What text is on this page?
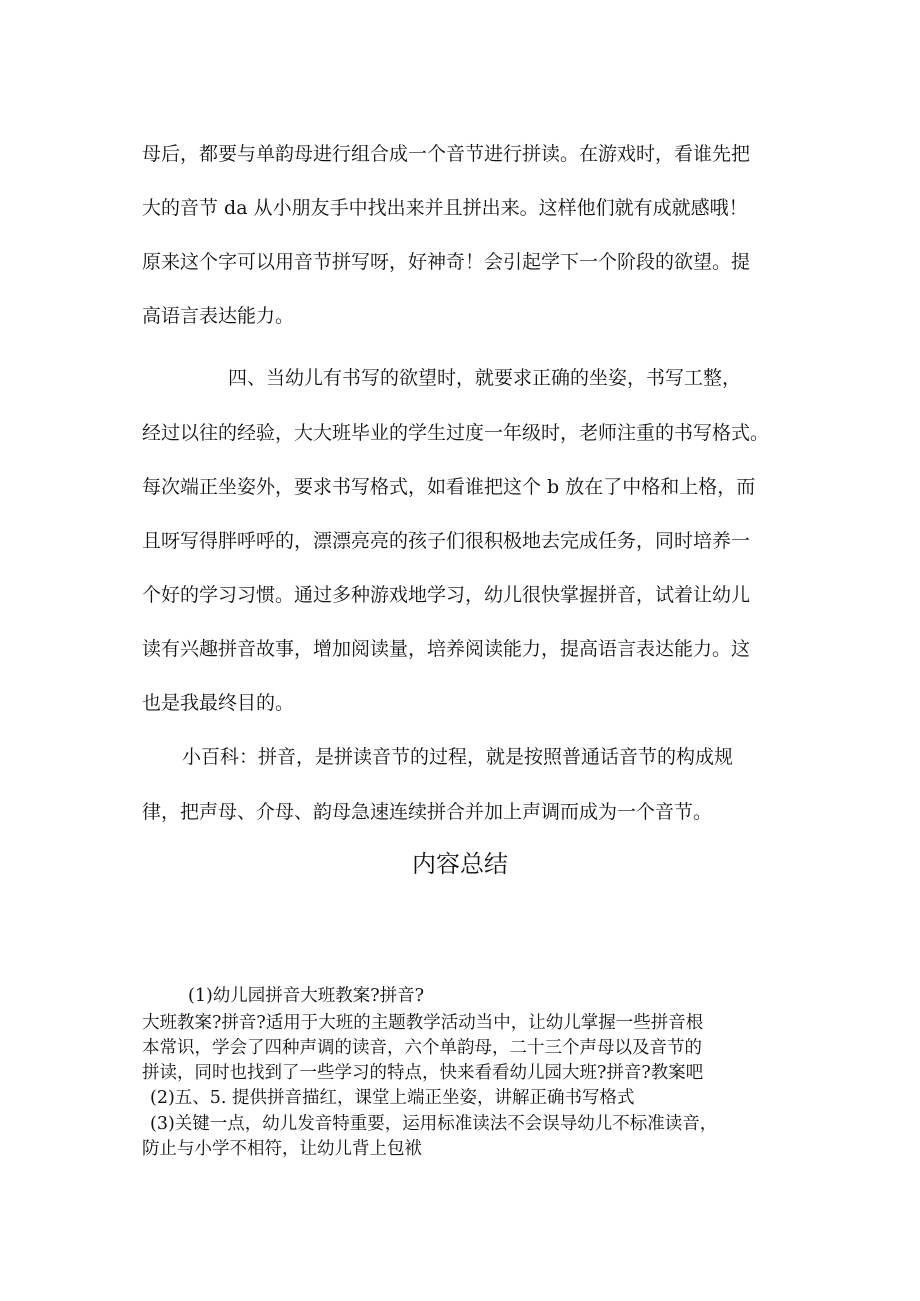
母后，都要与单韵母进行组合成一个音节进行拼读。在游戏时，看谁先把
大的音节 da 从小朋友手中找出来并且拼出来。这样他们就有成就感哦！
原来这个字可以用音节拼写呀，好神奇！会引起学下一个阶段的欲望。提
高语言表达能力。
四、当幼儿有书写的欲望时，就要求正确的坐姿，书写工整，
经过以往的经验，大大班毕业的学生过度一年级时，老师注重的书写格式。
每次端正坐姿外，要求书写格式，如看谁把这个 b 放在了中格和上格，而
且呀写得胖呼呼的，漂漂亮亮的孩子们很积极地去完成任务，同时培养一
个好的学习习惯。通过多种游戏地学习，幼儿很快掌握拼音，试着让幼儿
读有兴趣拼音故事，增加阅读量，培养阅读能力，提高语言表达能力。这
也是我最终目的。
小百科：拼音，是拼读音节的过程，就是按照普通话音节的构成规
律，把声母、介母、韵母急速连续拼合并加上声调而成为一个音节。
内容总结
(1)幼儿园拼音大班教案?拼音?
大班教案?拼音?适用于大班的主题教学活动当中，让幼儿掌握一些拼音根
本常识，学会了四种声调的读音，六个单韵母，二十三个声母以及音节的
拼读，同时也找到了一些学习的特点，快来看看幼儿园大班?拼音?教案吧
(2)五、5. 提供拼音描红，课堂上端正坐姿，讲解正确书写格式
(3)关键一点，幼儿发音特重要，运用标准读法不会误导幼儿不标准读音，
防止与小学不相符，让幼儿背上包袱
